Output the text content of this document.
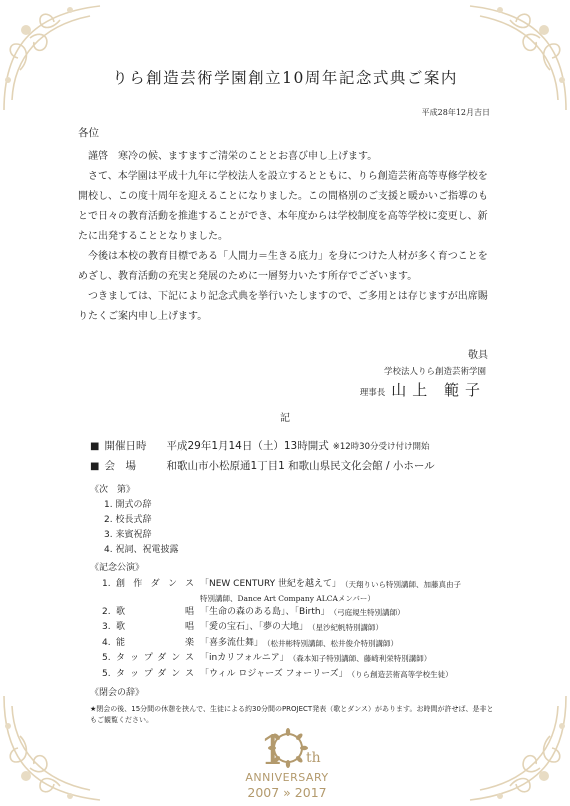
りら創造芸術学園創立10周年記念式典ご案内
平成28年12月吉日
各位

謹啓　寒冷の候、ますますご清栄のこととお喜び申し上げます。

さて、本学園は平成十九年に学校法人を設立するとともに、りら創造芸術高等専修学校を開校し、この度十周年を迎えることになりました。この間格別のご支援と暖かいご指導のもとで日々の教育活動を推進することができ、本年度からは学校制度を高等学校に変更し、新たに出発することとなりました。

今後は本校の教育目標である「人間力＝生きる底力」を身につけた人材が多く育つことをめざし、教育活動の充実と発展のために一層努力いたす所存でございます。

つきましては、下記により記念式典を挙行いたしますので、ご多用とは存じますが出席賜りたくご案内申し上げます。

敬具
学校法人りら創造芸術学園
理事長 山上 範子
記
■ 開催日時	平成29年1月14日（土）13時開式 ※12時30分受け付け開始
■ 会　場	和歌山市小松原通1丁目1 和歌山県民文化会館 / 小ホール
《次　第》
1. 開式の辞
2. 校長式辞
3. 来賓祝辞
4. 祝詞、祝電披露
《記念公演》
1. 創作ダンス 「NEW CENTURY 世紀を越えて」 （天翔りいら特別講師、加藤真由子
特別講師、Dance Art Company ALCAメンバー）
2. 歌　唱 「生命の森のある島」、「Birth」 （弓庭規生特別講師）
3. 歌　唱 「愛の宝石」、「夢の大地」 （星沙紀帆特別講師）
4. 能　楽 「喜多流仕舞」 （松井彬特別講師、松井俊介特別講師）
5. タップダンス 「inカリフォルニア」 （森本知子特別講師、藤崎利栄特別講師）
5. タップダンス 「ウィル ロジャーズ フォーリーズ」 （りら創造芸術高等学校生徒）
《閉会の辞》
★閉会の後、15分間の休憩を挟んで、生徒による約30分間のPROJECT発表（歌とダンス）があります。お時間が許せば、是非ともご観覧ください。
1 th
ANNIVERSARY
2007 » 2017
